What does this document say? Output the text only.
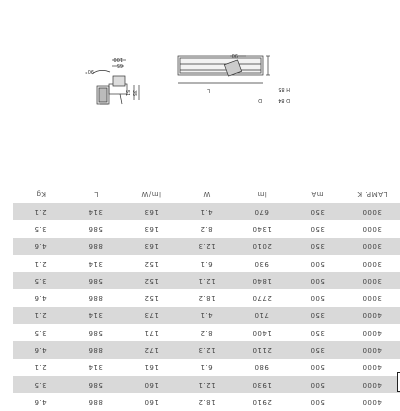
100
65
90°
51 35
90
L	H 85
D 84
D
Kg	L	lm/W	W	lm	mA	LAMP. K
2.1	314	163	4.1	670	350	3000
3.5	586	163	8.2	1340	350	3000
4.6	886	163	12.3	2010	350	3000
2.1	314	152	6.1	930	500	3000
3.5	586	152	12.1	1840	500	3000
4.6	886	152	18.2	2770	500	3000
2.1	314	173	4.1	710	350	4000
3.5	586	171	8.2	1400	350	4000
4.6	886	172	12.3	2110	350	4000
2.1	314	161	6.1	980	500	4000
3.5	586	160	12.1	1930	500	4000
4.6	886	160	18.2	2910	500	4000
